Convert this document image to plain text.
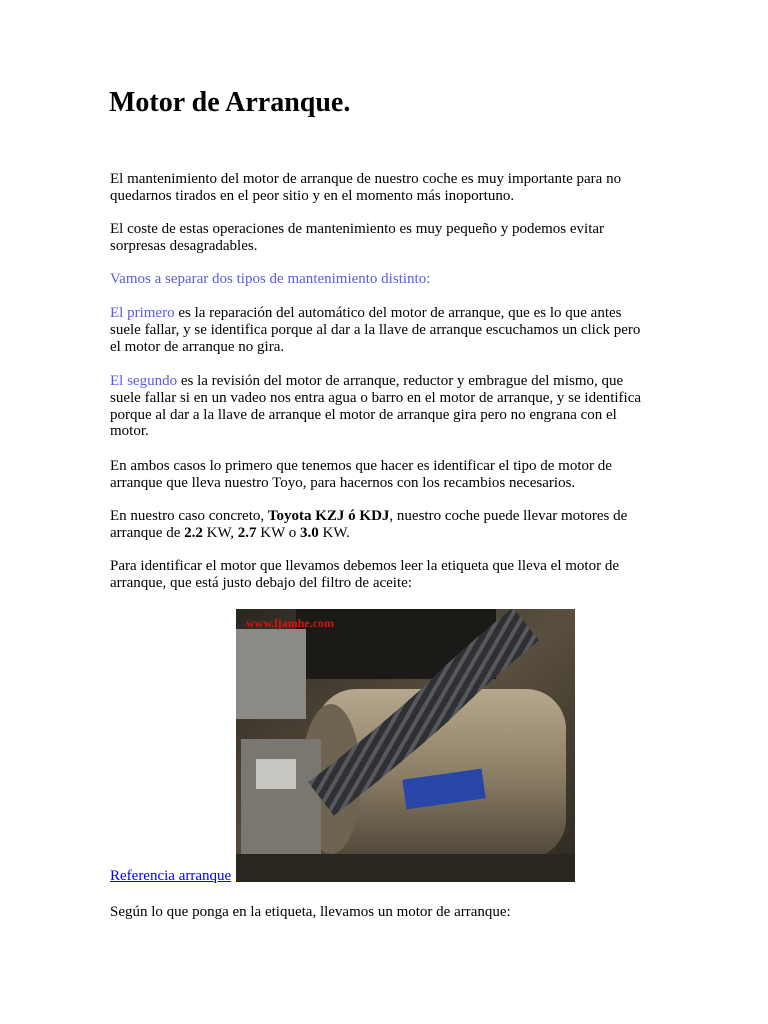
Motor de Arranque.

El mantenimiento del motor de arranque de nuestro coche es muy importante para no
quedarnos tirados en el peor sitio y en el momento más inoportuno.

El coste de estas operaciones de mantenimiento es muy pequeño y podemos evitar
sorpresas desagradables.

Vamos a separar dos tipos de mantenimiento distinto:

El primero es la reparación del automático del motor de arranque, que es lo que antes
suele fallar, y se identifica porque al dar a la llave de arranque escuchamos un click pero
el motor de arranque no gira.

El segundo es la revisión del motor de arranque, reductor y embrague del mismo, que
suele fallar si en un vadeo nos entra agua o barro en el motor de arranque, y se identifica
porque al dar a la llave de arranque el motor de arranque gira pero no engrana con el
motor.

En ambos casos lo primero que tenemos que hacer es identificar el tipo de motor de
arranque que lleva nuestro Toyo, para hacernos con los recambios necesarios.

En nuestro caso concreto, Toyota KZJ ó KDJ, nuestro coche puede llevar motores de
arranque de 2.2 KW, 2.7 KW o 3.0 KW.

Para identificar el motor que llevamos debemos leer la etiqueta que lleva el motor de
arranque, que está justo debajo del filtro de aceite:

www.ljamhe.com
Referencia arranque

Según lo que ponga en la etiqueta, llevamos un motor de arranque:
